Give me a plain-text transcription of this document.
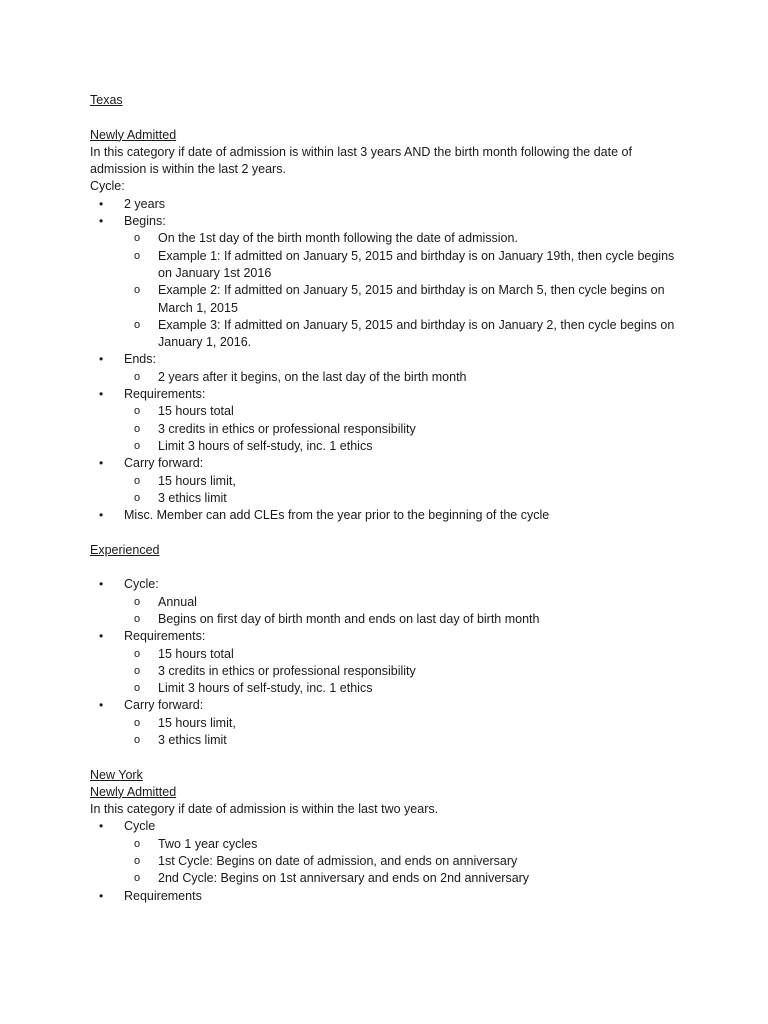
Texas
Newly Admitted
In this category if date of admission is within last 3 years AND the birth month following the date of admission is within the last 2 years.
Cycle:
• 2 years
• Begins:
o On the 1st day of the birth month following the date of admission.
o Example 1: If admitted on January 5, 2015 and birthday is on January 19th, then cycle begins on January 1st 2016
o Example 2: If admitted on January 5, 2015 and birthday is on March 5, then cycle begins on March 1, 2015
o Example 3: If admitted on January 5, 2015 and birthday is on January 2, then cycle begins on January 1, 2016.
• Ends:
o 2 years after it begins, on the last day of the birth month
• Requirements:
o 15 hours total
o 3 credits in ethics or professional responsibility
o Limit 3 hours of self-study, inc. 1 ethics
• Carry forward:
o 15 hours limit,
o 3 ethics limit
• Misc. Member can add CLEs from the year prior to the beginning of the cycle
Experienced
• Cycle:
o Annual
o Begins on first day of birth month and ends on last day of birth month
• Requirements:
o 15 hours total
o 3 credits in ethics or professional responsibility
o Limit 3 hours of self-study, inc. 1 ethics
• Carry forward:
o 15 hours limit,
o 3 ethics limit
New York
Newly Admitted
In this category if date of admission is within the last two years.
• Cycle
o Two 1 year cycles
o 1st Cycle: Begins on date of admission, and ends on anniversary
o 2nd Cycle: Begins on 1st anniversary and ends on 2nd anniversary
• Requirements
